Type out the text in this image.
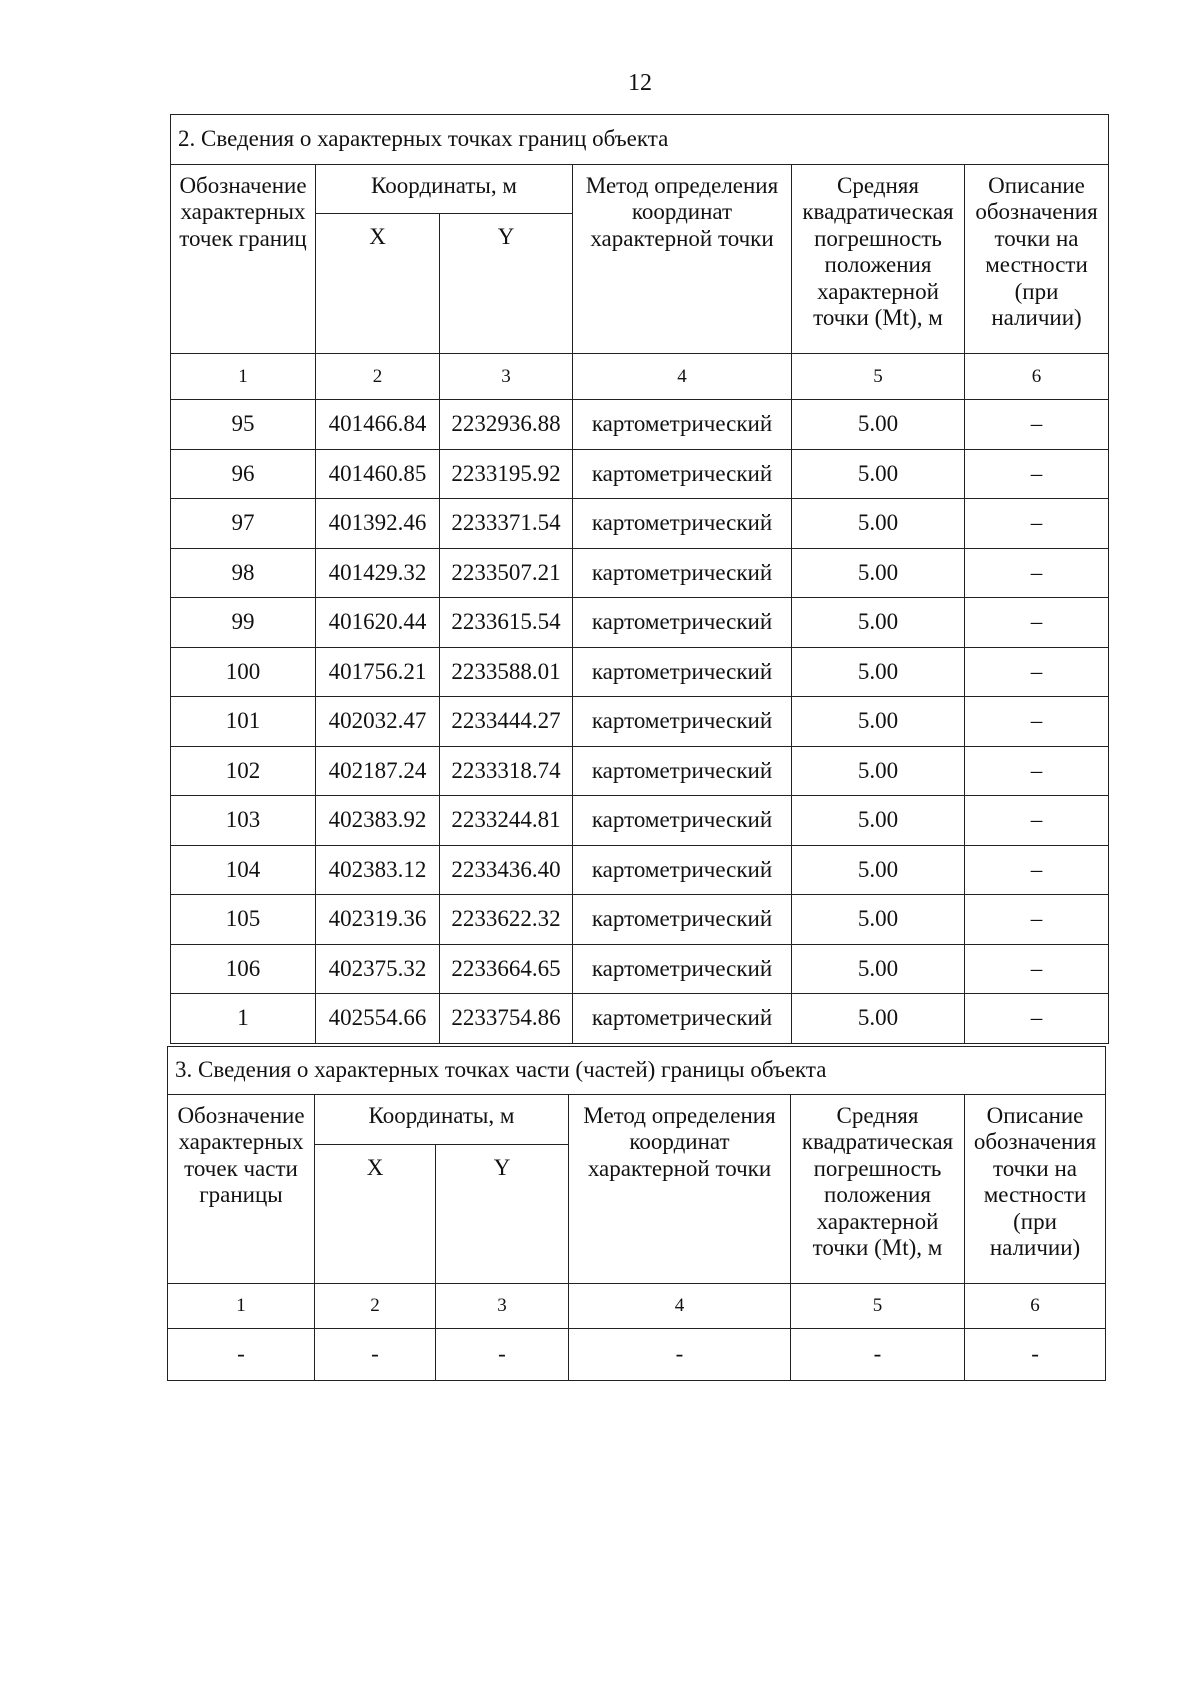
12
2. Сведения о характерных точках границ объекта					
Обозначение характерных точек границ	Координаты, м		Метод определения координат характерной точки	Средняя квадратическая погрешность положения характерной точки (Mt), м	Описание обозначения точки на местности (при наличии)
	X	Y			
1	2	3	4	5	6
95	401466.84	2232936.88	картометрический	5.00	–
96	401460.85	2233195.92	картометрический	5.00	–
97	401392.46	2233371.54	картометрический	5.00	–
98	401429.32	2233507.21	картометрический	5.00	–
99	401620.44	2233615.54	картометрический	5.00	–
100	401756.21	2233588.01	картометрический	5.00	–
101	402032.47	2233444.27	картометрический	5.00	–
102	402187.24	2233318.74	картометрический	5.00	–
103	402383.92	2233244.81	картометрический	5.00	–
104	402383.12	2233436.40	картометрический	5.00	–
105	402319.36	2233622.32	картометрический	5.00	–
106	402375.32	2233664.65	картометрический	5.00	–
1	402554.66	2233754.86	картометрический	5.00	–
3. Сведения о характерных точках части (частей) границы объекта					
Обозначение характерных точек части границы	Координаты, м		Метод определения координат характерной точки	Средняя квадратическая погрешность положения характерной точки (Mt), м	Описание обозначения точки на местности (при наличии)
	X	Y			
1	2	3	4	5	6
-	-	-	-	-	-
